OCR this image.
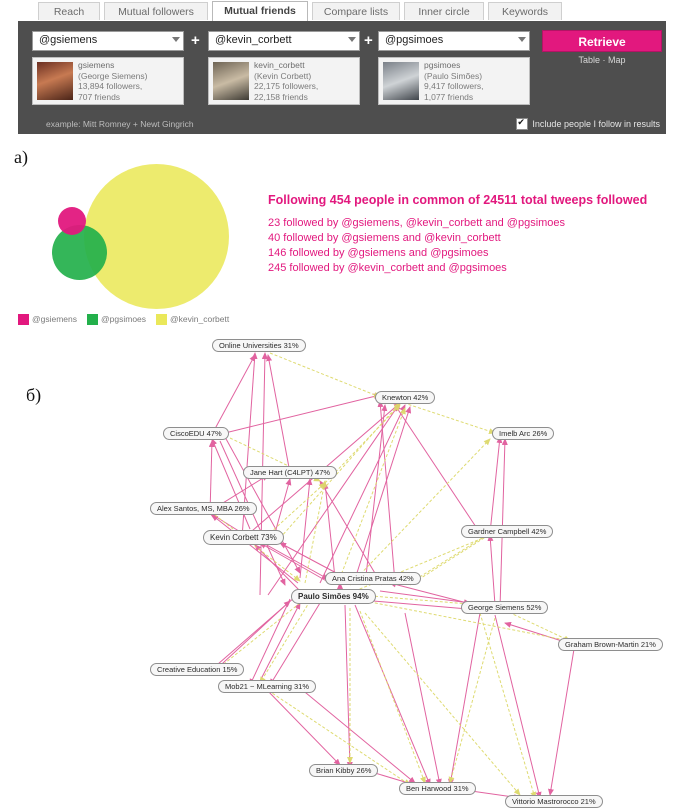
Reach	Mutual followers	Mutual friends	Compare lists	Inner circle	Keywords
@gsiemens	+	@kevin_corbett	+	@pgsimoes
gsiemens
(George Siemens)
13,894 followers,
707 friends
kevin_corbett
(Kevin Corbett)
22,175 followers,
22,158 friends
pgsimoes
(Paulo Simões)
9,417 followers,
1,077 friends
Retrieve
Table · Map
example: Mitt Romney + Newt Gingrich ✔	Include people I follow in results
a)
б)
@gsiemens	@pgsimoes	@kevin_corbett
Following 454 people in common of 24511 total tweeps followed
23 followed by @gsiemens, @kevin_corbett and @pgsimoes
40 followed by @gsiemens and @kevin_corbett
146 followed by @gsiemens and @pgsimoes
245 followed by @kevin_corbett and @pgsimoes
Online Universities 31%
Knewton 42%
CiscoEDU 47%	Imelb Arc 26%
Jane Hart (C4LPT) 47%
Alex Santos, MS, MBA 26%
Gardner Campbell 42%
Kevin Corbett 73%
Ana Cristina Pratas 42%
Paulo Simões 94%
George Siemens 52%
Graham Brown-Martin 21%
Creative Education 15%
Mob21 ~ MLearning 31%
Brian Kibby 26%
Ben Harwood 31%
Vittorio Mastrorocco 21%
